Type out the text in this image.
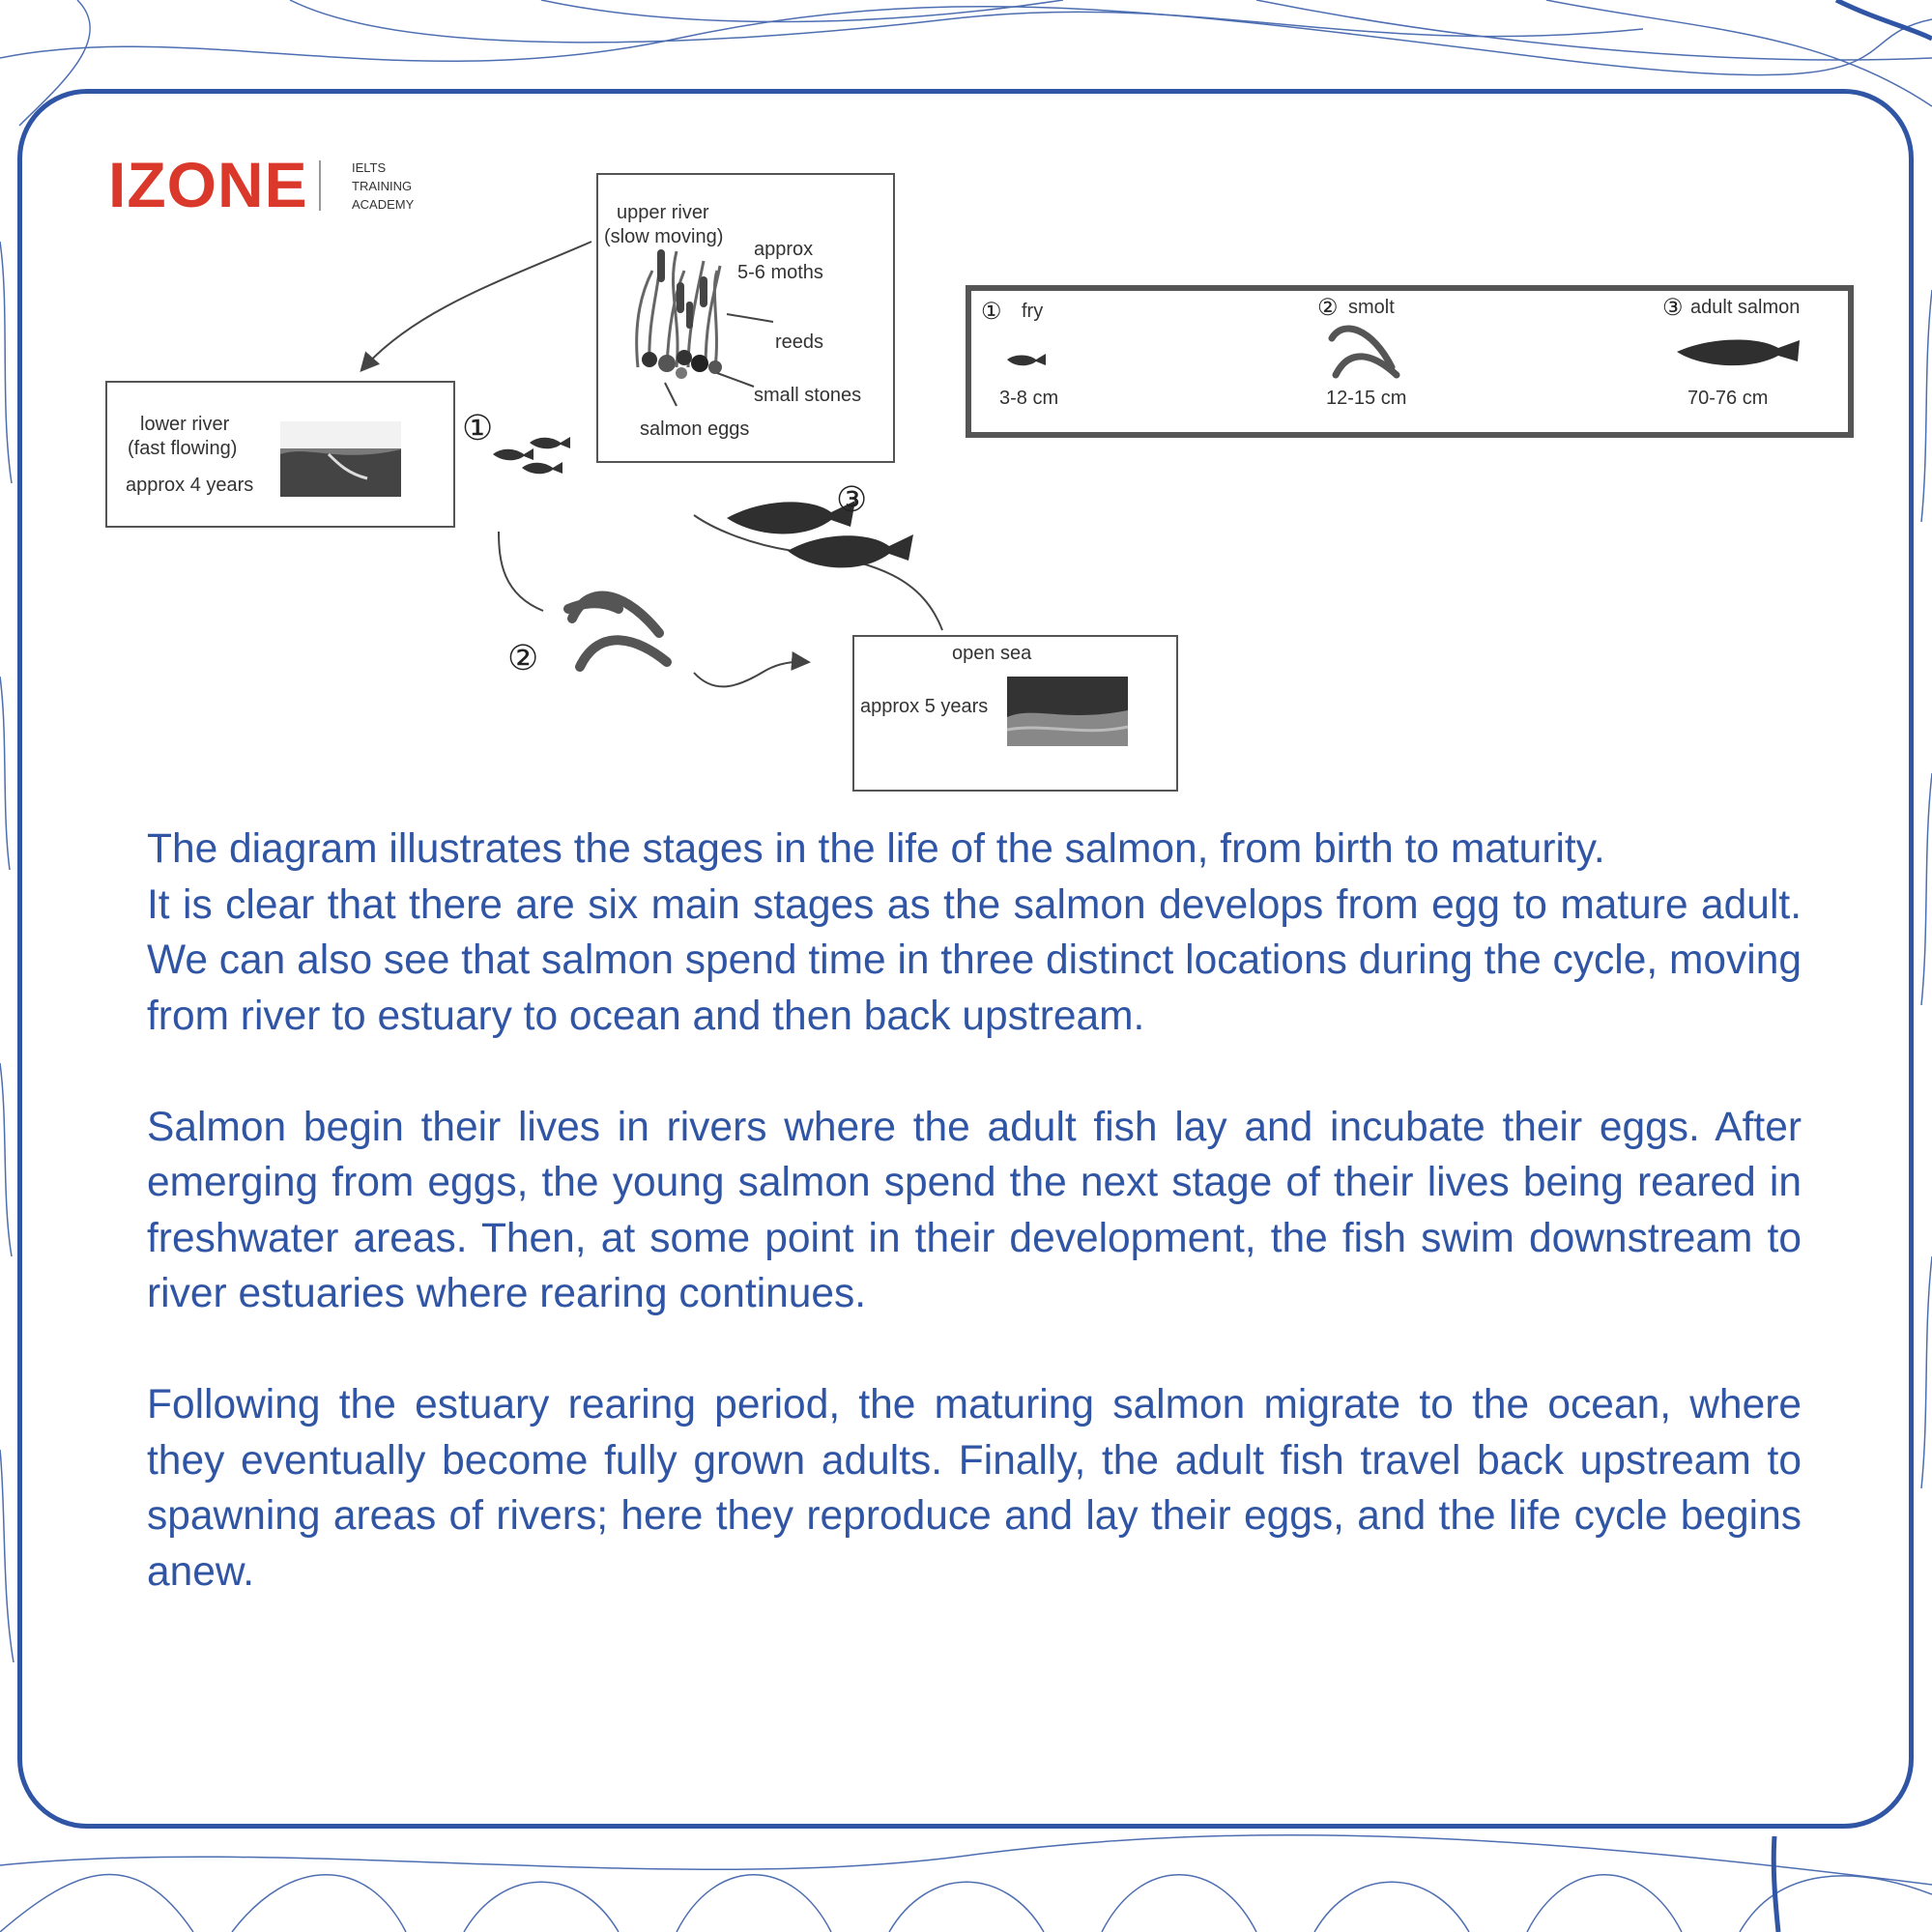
IZONE	IELTS
TRAINING
ACADEMY	upper river
(slow moving)
approx
5-6 moths
reeds
small stones
salmon eggs
lower river
(fast flowing)
approx 4 years
open sea
approx 5 years
①
②
③
① fry
3-8 cm
② smolt
12-15 cm
③ adult salmon
70-76 cm

The diagram illustrates the stages in the life of the salmon, from birth to maturity.

It is clear that there are six main stages as the salmon develops from egg to mature adult. We can also see that salmon spend time in three distinct locations during the cycle, moving from river to estuary to ocean and then back upstream.

Salmon begin their lives in rivers where the adult fish lay and incubate their eggs. After emerging from eggs, the young salmon spend the next stage of their lives being reared in freshwater areas. Then, at some point in their development, the fish swim downstream to river estuaries where rearing continues.

Following the estuary rearing period, the maturing salmon migrate to the ocean, where they eventually become fully grown adults. Finally, the adult fish travel back upstream to spawning areas of rivers; here they reproduce and lay their eggs, and the life cycle begins anew.
